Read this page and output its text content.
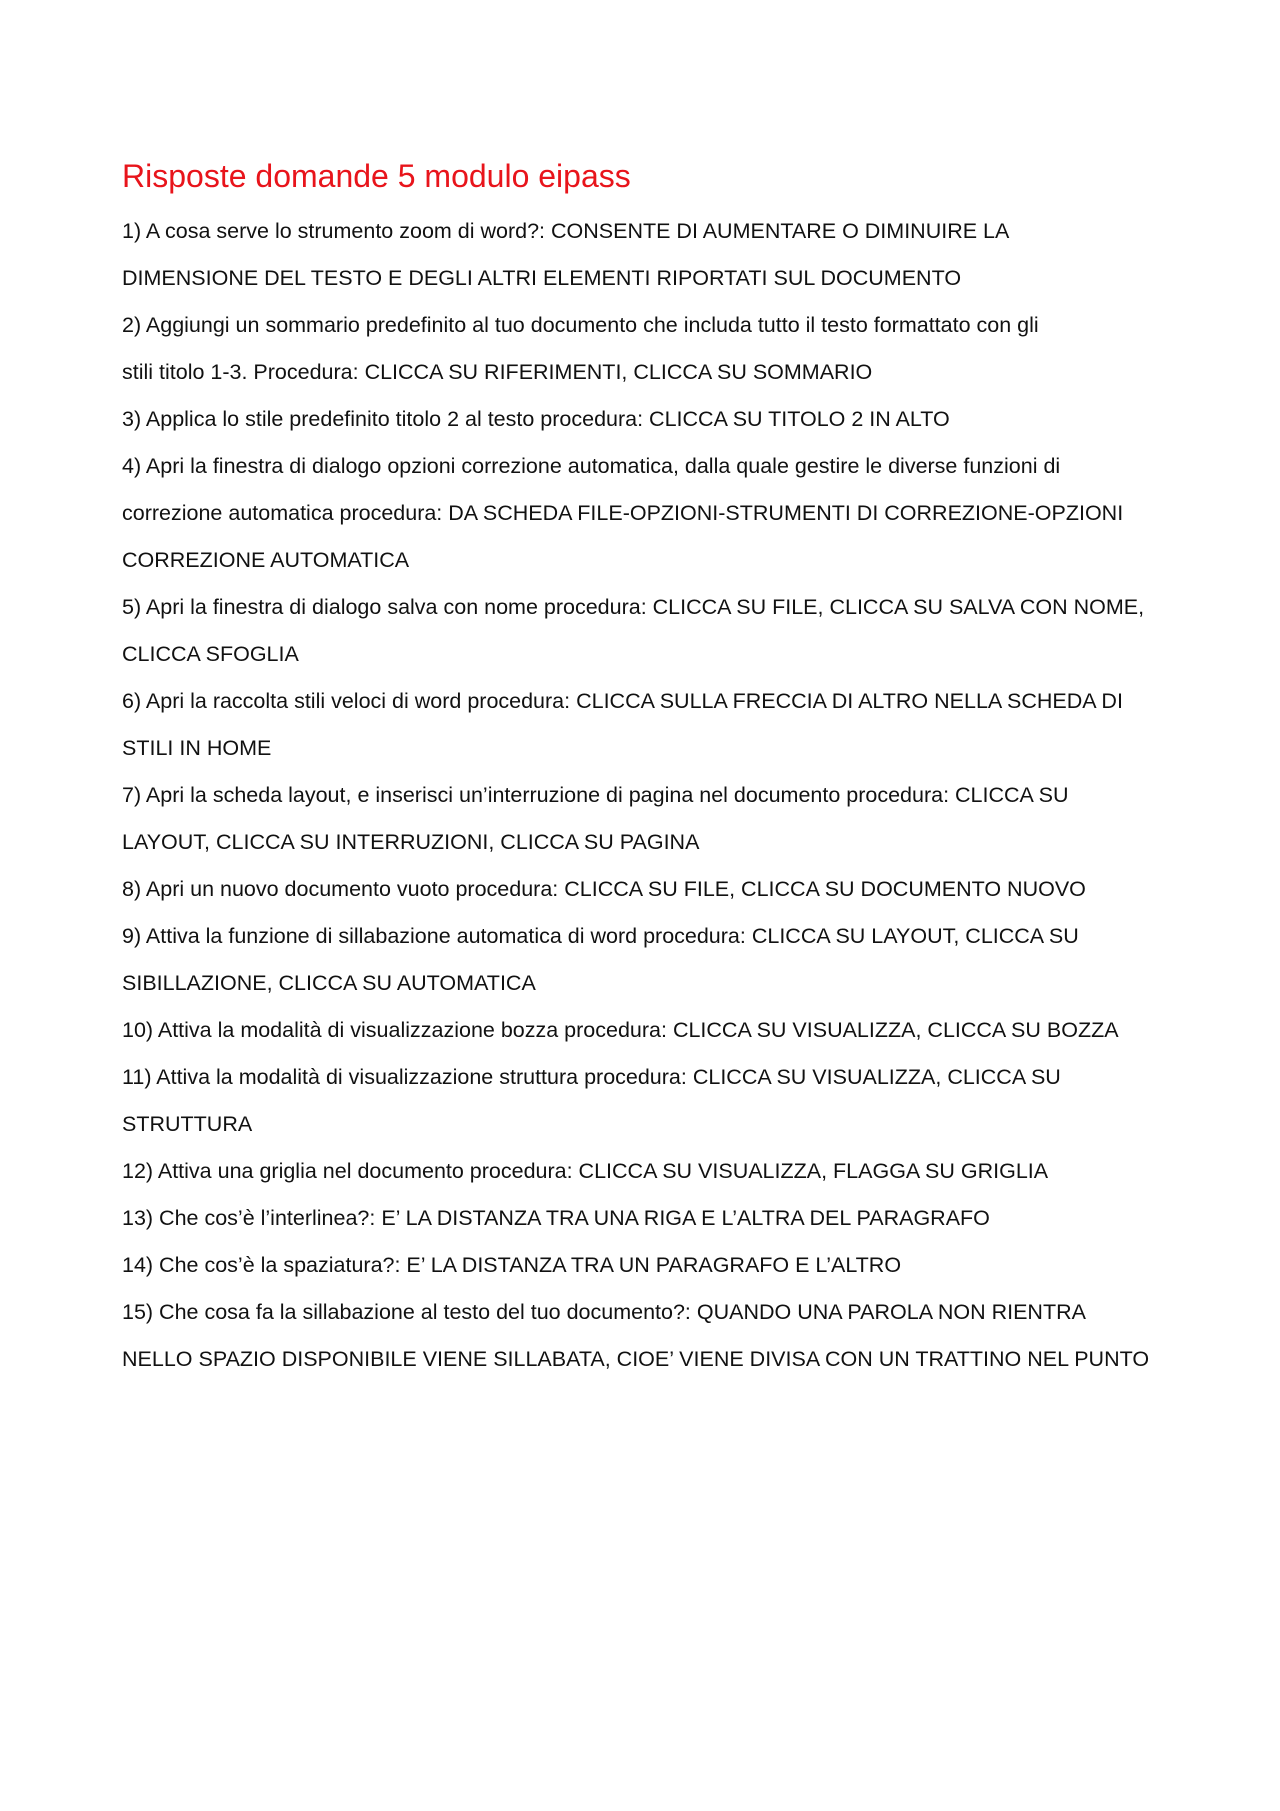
Risposte domande 5 modulo eipass

1) A cosa serve lo strumento zoom di word?: CONSENTE DI AUMENTARE O DIMINUIRE LA

DIMENSIONE DEL TESTO E DEGLI ALTRI ELEMENTI RIPORTATI SUL DOCUMENTO

2) Aggiungi un sommario predefinito al tuo documento che includa tutto il testo formattato con gli

stili titolo 1-3. Procedura: CLICCA SU RIFERIMENTI, CLICCA SU SOMMARIO

3) Applica lo stile predefinito titolo 2 al testo procedura: CLICCA SU TITOLO 2 IN ALTO

4) Apri la finestra di dialogo opzioni correzione automatica, dalla quale gestire le diverse funzioni di

correzione automatica procedura: DA SCHEDA FILE-OPZIONI-STRUMENTI DI CORREZIONE-OPZIONI

CORREZIONE AUTOMATICA

5) Apri la finestra di dialogo salva con nome procedura: CLICCA SU FILE, CLICCA SU SALVA CON NOME,

CLICCA SFOGLIA

6) Apri la raccolta stili veloci di word procedura: CLICCA SULLA FRECCIA DI ALTRO NELLA SCHEDA DI

STILI IN HOME

7) Apri la scheda layout, e inserisci un’interruzione di pagina nel documento procedura: CLICCA SU

LAYOUT, CLICCA SU INTERRUZIONI, CLICCA SU PAGINA

8) Apri un nuovo documento vuoto procedura: CLICCA SU FILE, CLICCA SU DOCUMENTO NUOVO

9) Attiva la funzione di sillabazione automatica di word procedura: CLICCA SU LAYOUT, CLICCA SU

SIBILLAZIONE, CLICCA SU AUTOMATICA

10) Attiva la modalità di visualizzazione bozza procedura: CLICCA SU VISUALIZZA, CLICCA SU BOZZA

11) Attiva la modalità di visualizzazione struttura procedura: CLICCA SU VISUALIZZA, CLICCA SU

STRUTTURA

12) Attiva una griglia nel documento procedura: CLICCA SU VISUALIZZA, FLAGGA SU GRIGLIA

13) Che cos’è l’interlinea?: E’ LA DISTANZA TRA UNA RIGA E L’ALTRA DEL PARAGRAFO

14) Che cos’è la spaziatura?: E’ LA DISTANZA TRA UN PARAGRAFO E L’ALTRO

15) Che cosa fa la sillabazione al testo del tuo documento?: QUANDO UNA PAROLA NON RIENTRA

NELLO SPAZIO DISPONIBILE VIENE SILLABATA, CIOE’ VIENE DIVISA CON UN TRATTINO NEL PUNTO
